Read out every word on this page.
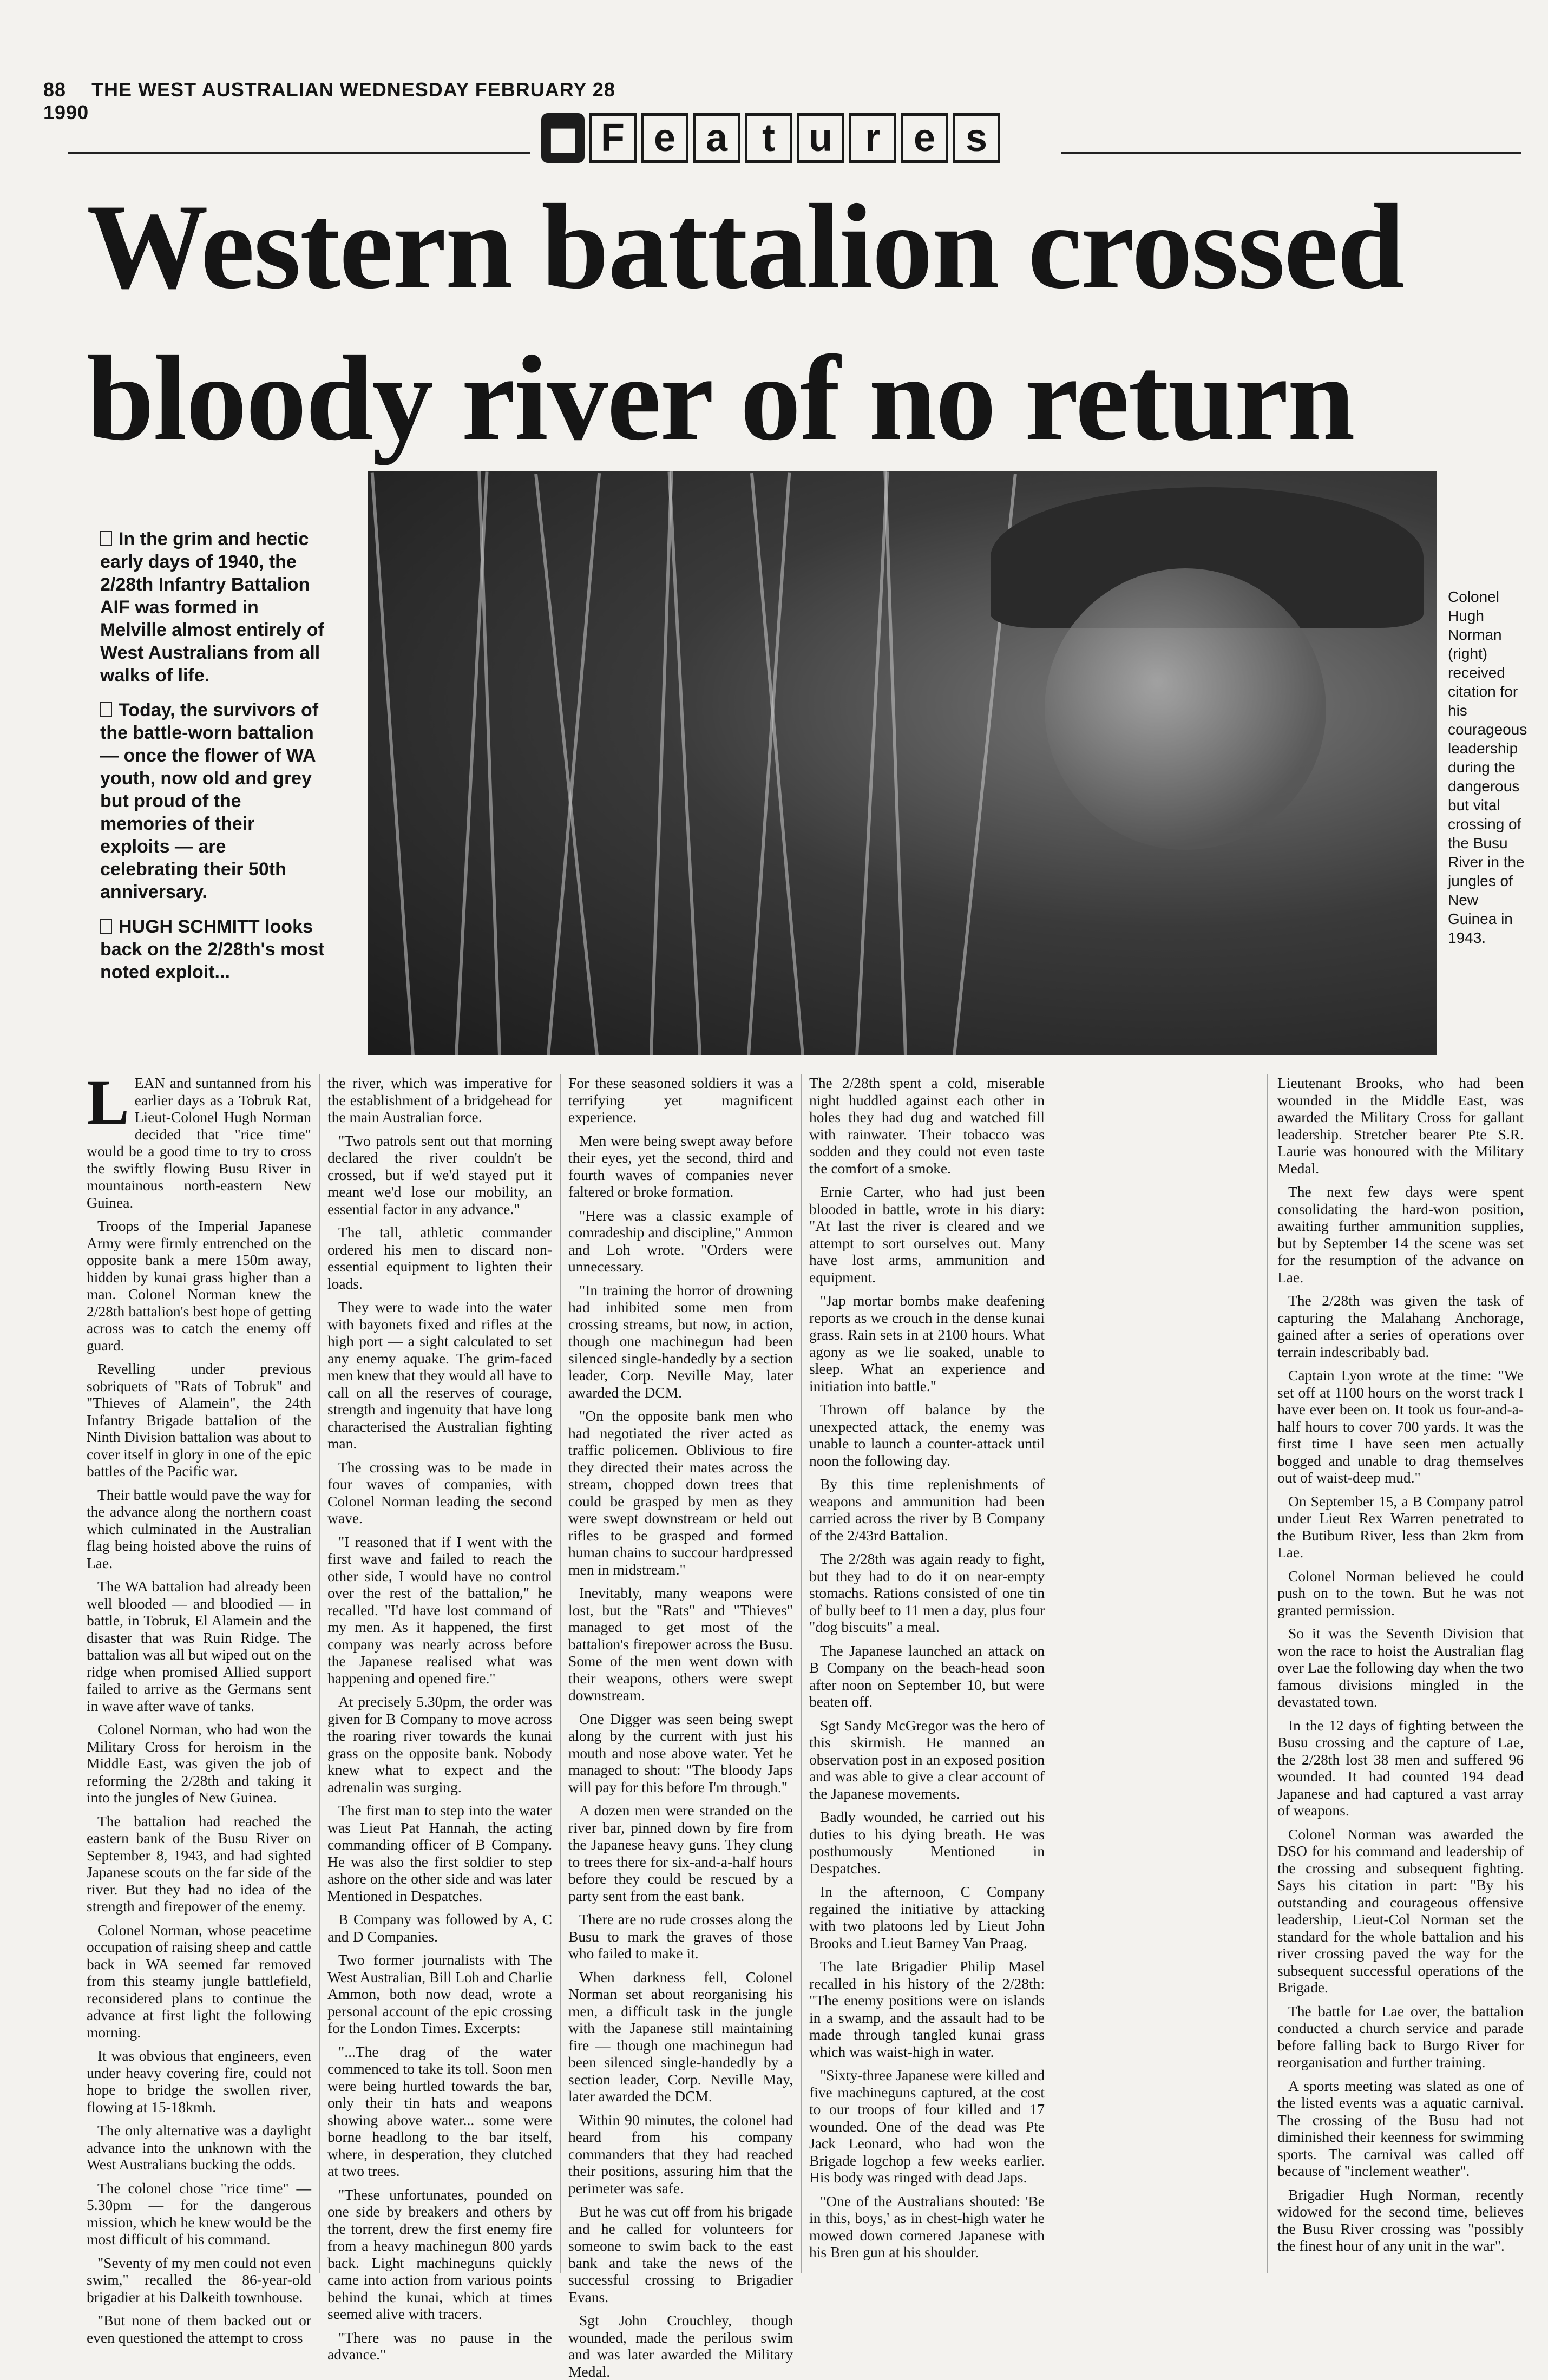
88 THE WEST AUSTRALIAN WEDNESDAY FEBRUARY 28 1990
■ F e a t u r e s
Western battalion crossed
bloody river of no return

In the grim and hectic early days of 1940, the 2/28th Infantry Battalion AIF was formed in Melville almost entirely of West Australians from all walks of life.

Today, the survivors of the battle-worn battalion — once the flower of WA youth, now old and grey but proud of the memories of their exploits — are celebrating their 50th anniversary.

HUGH SCHMITT looks back on the 2/28th's most noted exploit...

Colonel Hugh Norman (right) received citation for his courageous leadership during the dangerous but vital crossing of the Busu River in the jungles of New Guinea in 1943.

LEAN and suntanned from his earlier days as a Tobruk Rat, Lieut-Colonel Hugh Norman decided that "rice time" would be a good time to try to cross the swiftly flowing Busu River in mountainous north-eastern New Guinea.

Troops of the Imperial Japanese Army were firmly entrenched on the opposite bank a mere 150m away, hidden by kunai grass higher than a man. Colonel Norman knew the 2/28th battalion's best hope of getting across was to catch the enemy off guard.

Revelling under previous sobriquets of "Rats of Tobruk" and "Thieves of Alamein", the 24th Infantry Brigade battalion of the Ninth Division battalion was about to cover itself in glory in one of the epic battles of the Pacific war.

Their battle would pave the way for the advance along the northern coast which culminated in the Australian flag being hoisted above the ruins of Lae.

The WA battalion had already been well blooded — and bloodied — in battle, in Tobruk, El Alamein and the disaster that was Ruin Ridge. The battalion was all but wiped out on the ridge when promised Allied support failed to arrive as the Germans sent in wave after wave of tanks.

Colonel Norman, who had won the Military Cross for heroism in the Middle East, was given the job of reforming the 2/28th and taking it into the jungles of New Guinea.

The battalion had reached the eastern bank of the Busu River on September 8, 1943, and had sighted Japanese scouts on the far side of the river. But they had no idea of the strength and firepower of the enemy.

Colonel Norman, whose peacetime occupation of raising sheep and cattle back in WA seemed far removed from this steamy jungle battlefield, reconsidered plans to continue the advance at first light the following morning.

It was obvious that engineers, even under heavy covering fire, could not hope to bridge the swollen river, flowing at 15-18kmh.

The only alternative was a daylight advance into the unknown with the West Australians bucking the odds.

The colonel chose "rice time" — 5.30pm — for the dangerous mission, which he knew would be the most difficult of his command.

"Seventy of my men could not even swim," recalled the 86-year-old brigadier at his Dalkeith townhouse.

"But none of them backed out or even questioned the attempt to cross

the river, which was imperative for the establishment of a bridgehead for the main Australian force.

"Two patrols sent out that morning declared the river couldn't be crossed, but if we'd stayed put it meant we'd lose our mobility, an essential factor in any advance."

The tall, athletic commander ordered his men to discard non-essential equipment to lighten their loads.

They were to wade into the water with bayonets fixed and rifles at the high port — a sight calculated to set any enemy aquake. The grim-faced men knew that they would all have to call on all the reserves of courage, strength and ingenuity that have long characterised the Australian fighting man.

The crossing was to be made in four waves of companies, with Colonel Norman leading the second wave.

"I reasoned that if I went with the first wave and failed to reach the other side, I would have no control over the rest of the battalion," he recalled. "I'd have lost command of my men. As it happened, the first company was nearly across before the Japanese realised what was happening and opened fire."

At precisely 5.30pm, the order was given for B Company to move across the roaring river towards the kunai grass on the opposite bank. Nobody knew what to expect and the adrenalin was surging.

The first man to step into the water was Lieut Pat Hannah, the acting commanding officer of B Company. He was also the first soldier to step ashore on the other side and was later Mentioned in Despatches.

B Company was followed by A, C and D Companies.

Two former journalists with The West Australian, Bill Loh and Charlie Ammon, both now dead, wrote a personal account of the epic crossing for the London Times. Excerpts:

"...The drag of the water commenced to take its toll. Soon men were being hurtled towards the bar, only their tin hats and weapons showing above water... some were borne headlong to the bar itself, where, in desperation, they clutched at two trees.

"These unfortunates, pounded on one side by breakers and others by the torrent, drew the first enemy fire from a heavy machinegun 800 yards back. Light machineguns quickly came into action from various points behind the kunai, which at times seemed alive with tracers.

"There was no pause in the advance."

For these seasoned soldiers it was a terrifying yet magnificent experience.

Men were being swept away before their eyes, yet the second, third and fourth waves of companies never faltered or broke formation.

"Here was a classic example of comradeship and discipline," Ammon and Loh wrote. "Orders were unnecessary.

"In training the horror of drowning had inhibited some men from crossing streams, but now, in action, though one machinegun had been silenced single-handedly by a section leader, Corp. Neville May, later awarded the DCM.

"On the opposite bank men who had negotiated the river acted as traffic policemen. Oblivious to fire they directed their mates across the stream, chopped down trees that could be grasped by men as they were swept downstream or held out rifles to be grasped and formed human chains to succour hardpressed men in midstream."

Inevitably, many weapons were lost, but the "Rats" and "Thieves" managed to get most of the battalion's firepower across the Busu. Some of the men went down with their weapons, others were swept downstream.

One Digger was seen being swept along by the current with just his mouth and nose above water. Yet he managed to shout: "The bloody Japs will pay for this before I'm through."

A dozen men were stranded on the river bar, pinned down by fire from the Japanese heavy guns. They clung to trees there for six-and-a-half hours before they could be rescued by a party sent from the east bank.

There are no rude crosses along the Busu to mark the graves of those who failed to make it.

When darkness fell, Colonel Norman set about reorganising his men, a difficult task in the jungle with the Japanese still maintaining fire — though one machinegun had been silenced single-handedly by a section leader, Corp. Neville May, later awarded the DCM.

Within 90 minutes, the colonel had heard from his company commanders that they had reached their positions, assuring him that the perimeter was safe.

But he was cut off from his brigade and he called for volunteers for someone to swim back to the east bank and take the news of the successful crossing to Brigadier Evans.

Sgt John Crouchley, though wounded, made the perilous swim and was later awarded the Military Medal.

The 2/28th spent a cold, miserable night huddled against each other in holes they had dug and watched fill with rainwater. Their tobacco was sodden and they could not even taste the comfort of a smoke.

Ernie Carter, who had just been blooded in battle, wrote in his diary: "At last the river is cleared and we attempt to sort ourselves out. Many have lost arms, ammunition and equipment.

"Jap mortar bombs make deafening reports as we crouch in the dense kunai grass. Rain sets in at 2100 hours. What agony as we lie soaked, unable to sleep. What an experience and initiation into battle."

Thrown off balance by the unexpected attack, the enemy was unable to launch a counter-attack until noon the following day.

By this time replenishments of weapons and ammunition had been carried across the river by B Company of the 2/43rd Battalion.

The 2/28th was again ready to fight, but they had to do it on near-empty stomachs. Rations consisted of one tin of bully beef to 11 men a day, plus four "dog biscuits" a meal.

The Japanese launched an attack on B Company on the beach-head soon after noon on September 10, but were beaten off.

Sgt Sandy McGregor was the hero of this skirmish. He manned an observation post in an exposed position and was able to give a clear account of the Japanese movements.

Badly wounded, he carried out his duties to his dying breath. He was posthumously Mentioned in Despatches.

In the afternoon, C Company regained the initiative by attacking with two platoons led by Lieut John Brooks and Lieut Barney Van Praag.

The late Brigadier Philip Masel recalled in his history of the 2/28th: "The enemy positions were on islands in a swamp, and the assault had to be made through tangled kunai grass which was waist-high in water.

"Sixty-three Japanese were killed and five machineguns captured, at the cost to our troops of four killed and 17 wounded. One of the dead was Pte Jack Leonard, who had won the Brigade logchop a few weeks earlier. His body was ringed with dead Japs.

"One of the Australians shouted: 'Be in this, boys,' as in chest-high water he mowed down cornered Japanese with his Bren gun at his shoulder.

Lieutenant Brooks, who had been wounded in the Middle East, was awarded the Military Cross for gallant leadership. Stretcher bearer Pte S.R. Laurie was honoured with the Military Medal.

The next few days were spent consolidating the hard-won position, awaiting further ammunition supplies, but by September 14 the scene was set for the resumption of the advance on Lae.

The 2/28th was given the task of capturing the Malahang Anchorage, gained after a series of operations over terrain indescribably bad.

Captain Lyon wrote at the time: "We set off at 1100 hours on the worst track I have ever been on. It took us four-and-a-half hours to cover 700 yards. It was the first time I have seen men actually bogged and unable to drag themselves out of waist-deep mud."

On September 15, a B Company patrol under Lieut Rex Warren penetrated to the Butibum River, less than 2km from Lae.

Colonel Norman believed he could push on to the town. But he was not granted permission.

So it was the Seventh Division that won the race to hoist the Australian flag over Lae the following day when the two famous divisions mingled in the devastated town.

In the 12 days of fighting between the Busu crossing and the capture of Lae, the 2/28th lost 38 men and suffered 96 wounded. It had counted 194 dead Japanese and had captured a vast array of weapons.

Colonel Norman was awarded the DSO for his command and leadership of the crossing and subsequent fighting. Says his citation in part: "By his outstanding and courageous offensive leadership, Lieut-Col Norman set the standard for the whole battalion and his river crossing paved the way for the subsequent successful operations of the Brigade.

The battle for Lae over, the battalion conducted a church service and parade before falling back to Burgo River for reorganisation and further training.

A sports meeting was slated as one of the listed events was a aquatic carnival. The crossing of the Busu had not diminished their keenness for swimming sports. The carnival was called off because of "inclement weather".

Brigadier Hugh Norman, recently widowed for the second time, believes the Busu River crossing was "possibly the finest hour of any unit in the war".
